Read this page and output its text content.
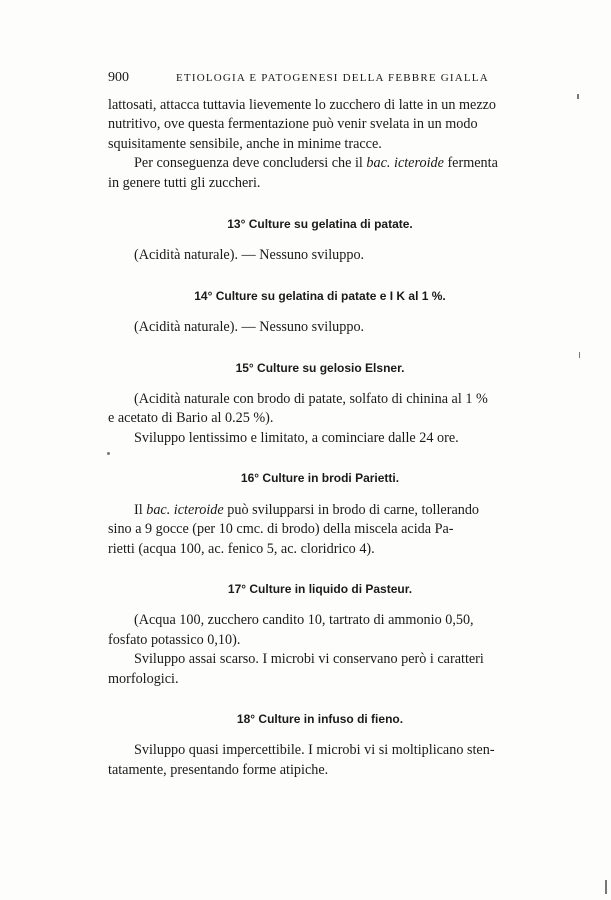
900	ETIOLOGIA E PATOGENESI DELLA FEBBRE GIALLA

lattosati, attacca tuttavia lievemente lo zucchero di latte in un mezzo
nutritivo, ove questa fermentazione può venir svelata in un modo
squisitamente sensibile, anche in minime tracce.

Per conseguenza deve concludersi che il bac. icteroide fermenta
in genere tutti gli zuccheri.

13° Culture su gelatina di patate.

(Acidità naturale). — Nessuno sviluppo.

14° Culture su gelatina di patate e I K al 1 %.

(Acidità naturale). — Nessuno sviluppo.

15° Culture su gelosio Elsner.

(Acidità naturale con brodo di patate, solfato di chinina al 1 %
e acetato di Bario al 0.25 %).

Sviluppo lentissimo e limitato, a cominciare dalle 24 ore.

16° Culture in brodi Parietti.

Il bac. icteroide può svilupparsi in brodo di carne, tollerando
sino a 9 gocce (per 10 cmc. di brodo) della miscela acida Pa-
rietti (acqua 100, ac. fenico 5, ac. cloridrico 4).

17° Culture in liquido di Pasteur.

(Acqua 100, zucchero candito 10, tartrato di ammonio 0,50,
fosfato potassico 0,10).

Sviluppo assai scarso. I microbi vi conservano però i caratteri
morfologici.

18° Culture in infuso di fieno.

Sviluppo quasi impercettibile. I microbi vi si moltiplicano sten-
tatamente, presentando forme atipiche.
